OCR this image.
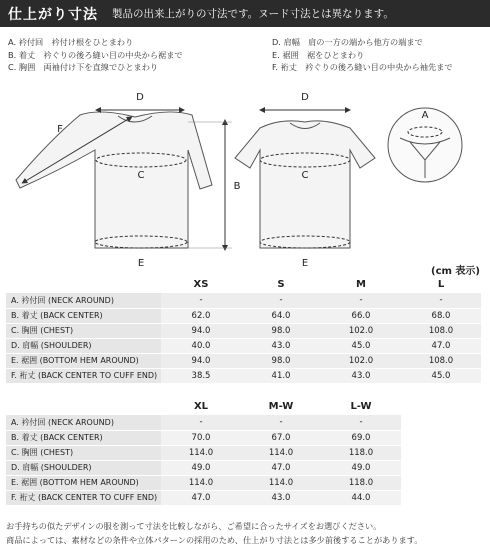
仕上がり寸法	製品の出来上がりの寸法です。ヌード寸法とは異なります。
A. 衿付回　衿付け根をひとまわり
B. 着丈　衿ぐりの後ろ縫い目の中央から裾まで
C. 胸囲　両袖付け下を直線でひとまわり
D. 肩幅　肩の一方の端から他方の端まで
E. 裾囲　裾をひとまわり
F. 裄丈　衿ぐりの後ろ縫い目の中央から袖先まで
D	D
F
B
C	C
E	E
A
(cm 表示)
	XS	S	M	L
A. 衿付回 (NECK AROUND)	-	-	-	-
B. 着丈 (BACK CENTER)	62.0	64.0	66.0	68.0
C. 胸囲 (CHEST)	94.0	98.0	102.0	108.0
D. 肩幅 (SHOULDER)	40.0	43.0	45.0	47.0
E. 裾囲 (BOTTOM HEM AROUND)	94.0	98.0	102.0	108.0
F. 裄丈 (BACK CENTER TO CUFF END)	38.5	41.0	43.0	45.0
	XL	M-W	L-W
A. 衿付回 (NECK AROUND)	-	-	-
B. 着丈 (BACK CENTER)	70.0	67.0	69.0
C. 胸囲 (CHEST)	114.0	114.0	118.0
D. 肩幅 (SHOULDER)	49.0	47.0	49.0
E. 裾囲 (BOTTOM HEM AROUND)	114.0	114.0	118.0
F. 裄丈 (BACK CENTER TO CUFF END)	47.0	43.0	44.0
お手持ちの似たデザインの服を測って寸法を比較しながら、ご希望に合ったサイズをお選びください。
商品によっては、素材などの条件や立体パターンの採用のため、仕上がり寸法とは多少前後することがあります。
